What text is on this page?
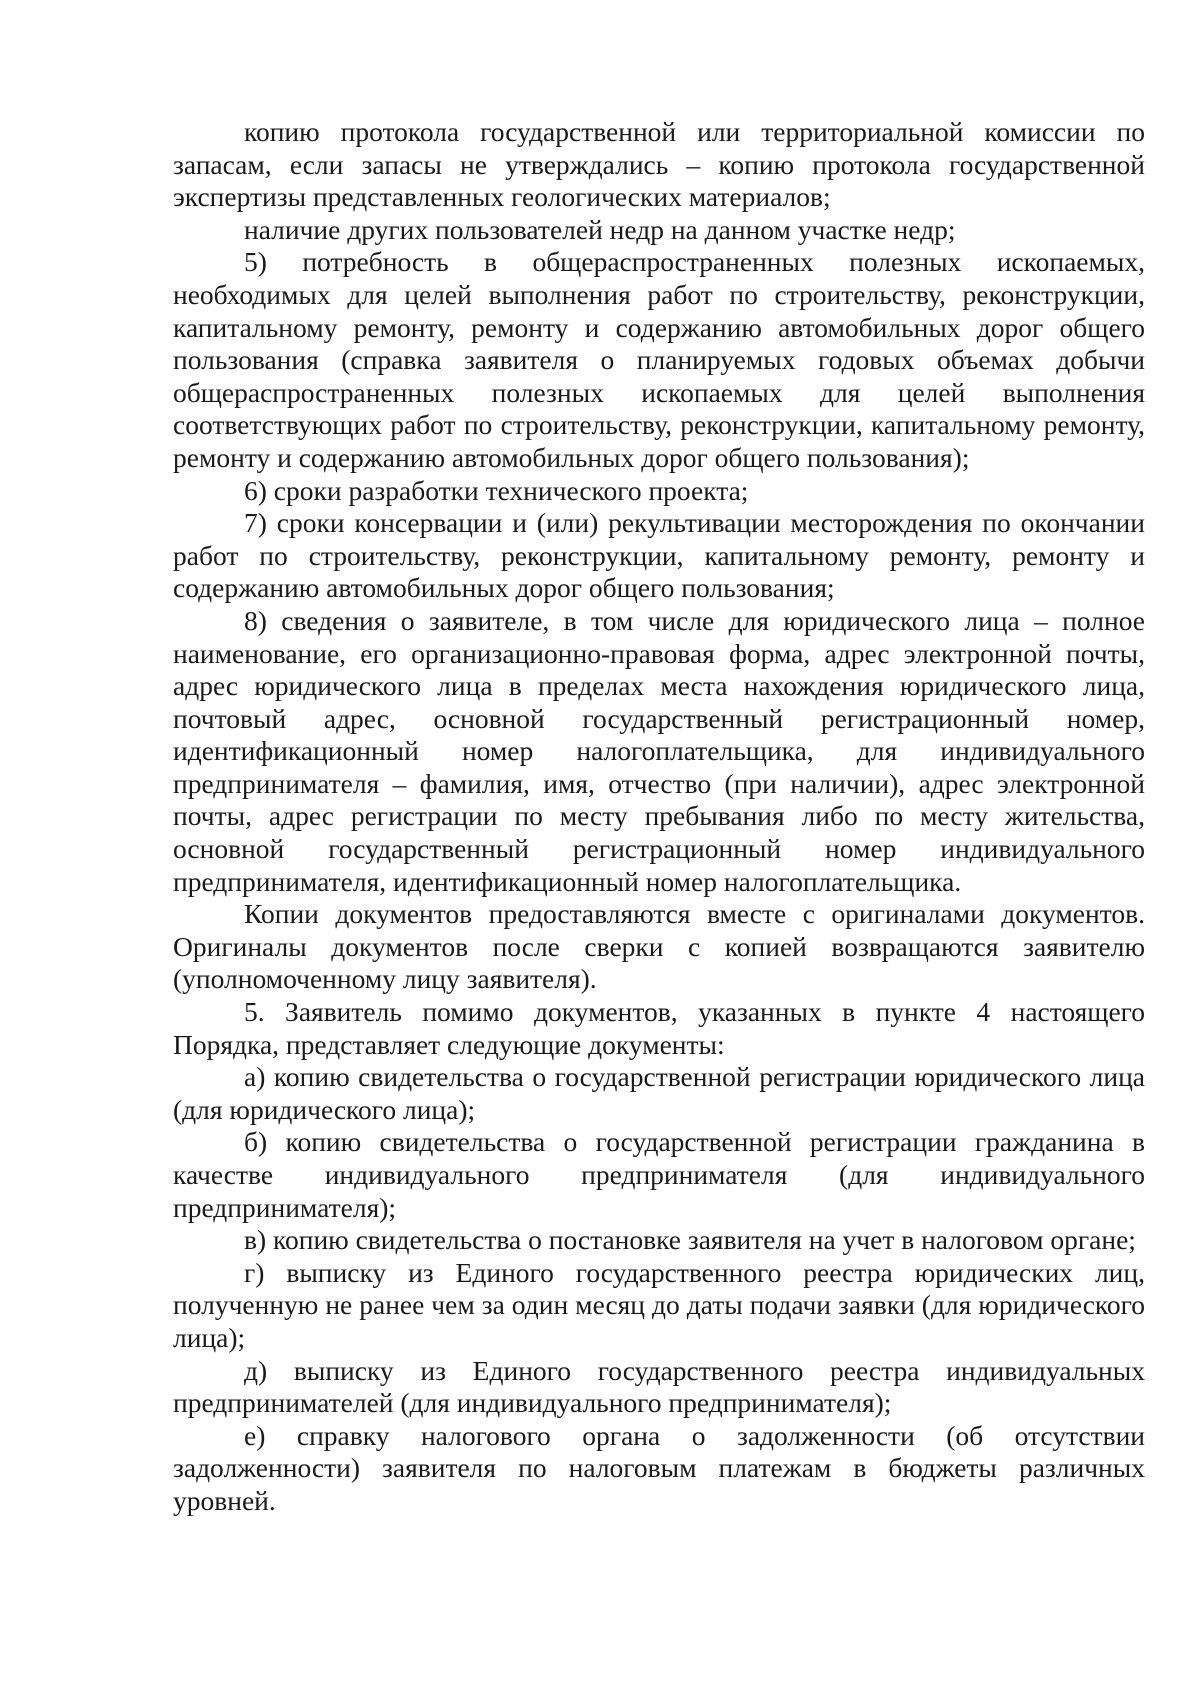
копию протокола государственной или территориальной комиссии по запасам, если запасы не утверждались – копию протокола государственной экспертизы представленных геологических материалов;

наличие других пользователей недр на данном участке недр;

5) потребность в общераспространенных полезных ископаемых, необходимых для целей выполнения работ по строительству, реконструкции, капитальному ремонту, ремонту и содержанию автомобильных дорог общего пользования (справка заявителя о планируемых годовых объемах добычи общераспространенных полезных ископаемых для целей выполнения соответствующих работ по строительству, реконструкции, капитальному ремонту, ремонту и содержанию автомобильных дорог общего пользования);

6) сроки разработки технического проекта;

7) сроки консервации и (или) рекультивации месторождения по окончании работ по строительству, реконструкции, капитальному ремонту, ремонту и содержанию автомобильных дорог общего пользования;

8) сведения о заявителе, в том числе для юридического лица – полное наименование, его организационно-правовая форма, адрес электронной почты, адрес юридического лица в пределах места нахождения юридического лица, почтовый адрес, основной государственный регистрационный номер, идентификационный номер налогоплательщика, для индивидуального предпринимателя – фамилия, имя, отчество (при наличии), адрес электронной почты, адрес регистрации по месту пребывания либо по месту жительства, основной государственный регистрационный номер индивидуального предпринимателя, идентификационный номер налогоплательщика.

Копии документов предоставляются вместе с оригиналами документов. Оригиналы документов после сверки с копией возвращаются заявителю (уполномоченному лицу заявителя).

5. Заявитель помимо документов, указанных в пункте 4 настоящего Порядка, представляет следующие документы:

а) копию свидетельства о государственной регистрации юридического лица (для юридического лица);

б) копию свидетельства о государственной регистрации гражданина в качестве индивидуального предпринимателя (для индивидуального предпринимателя);

в) копию свидетельства о постановке заявителя на учет в налоговом органе;

г) выписку из Единого государственного реестра юридических лиц, полученную не ранее чем за один месяц до даты подачи заявки (для юридического лица);

д) выписку из Единого государственного реестра индивидуальных предпринимателей (для индивидуального предпринимателя);

е) справку налогового органа о задолженности (об отсутствии задолженности) заявителя по налоговым платежам в бюджеты различных уровней.
